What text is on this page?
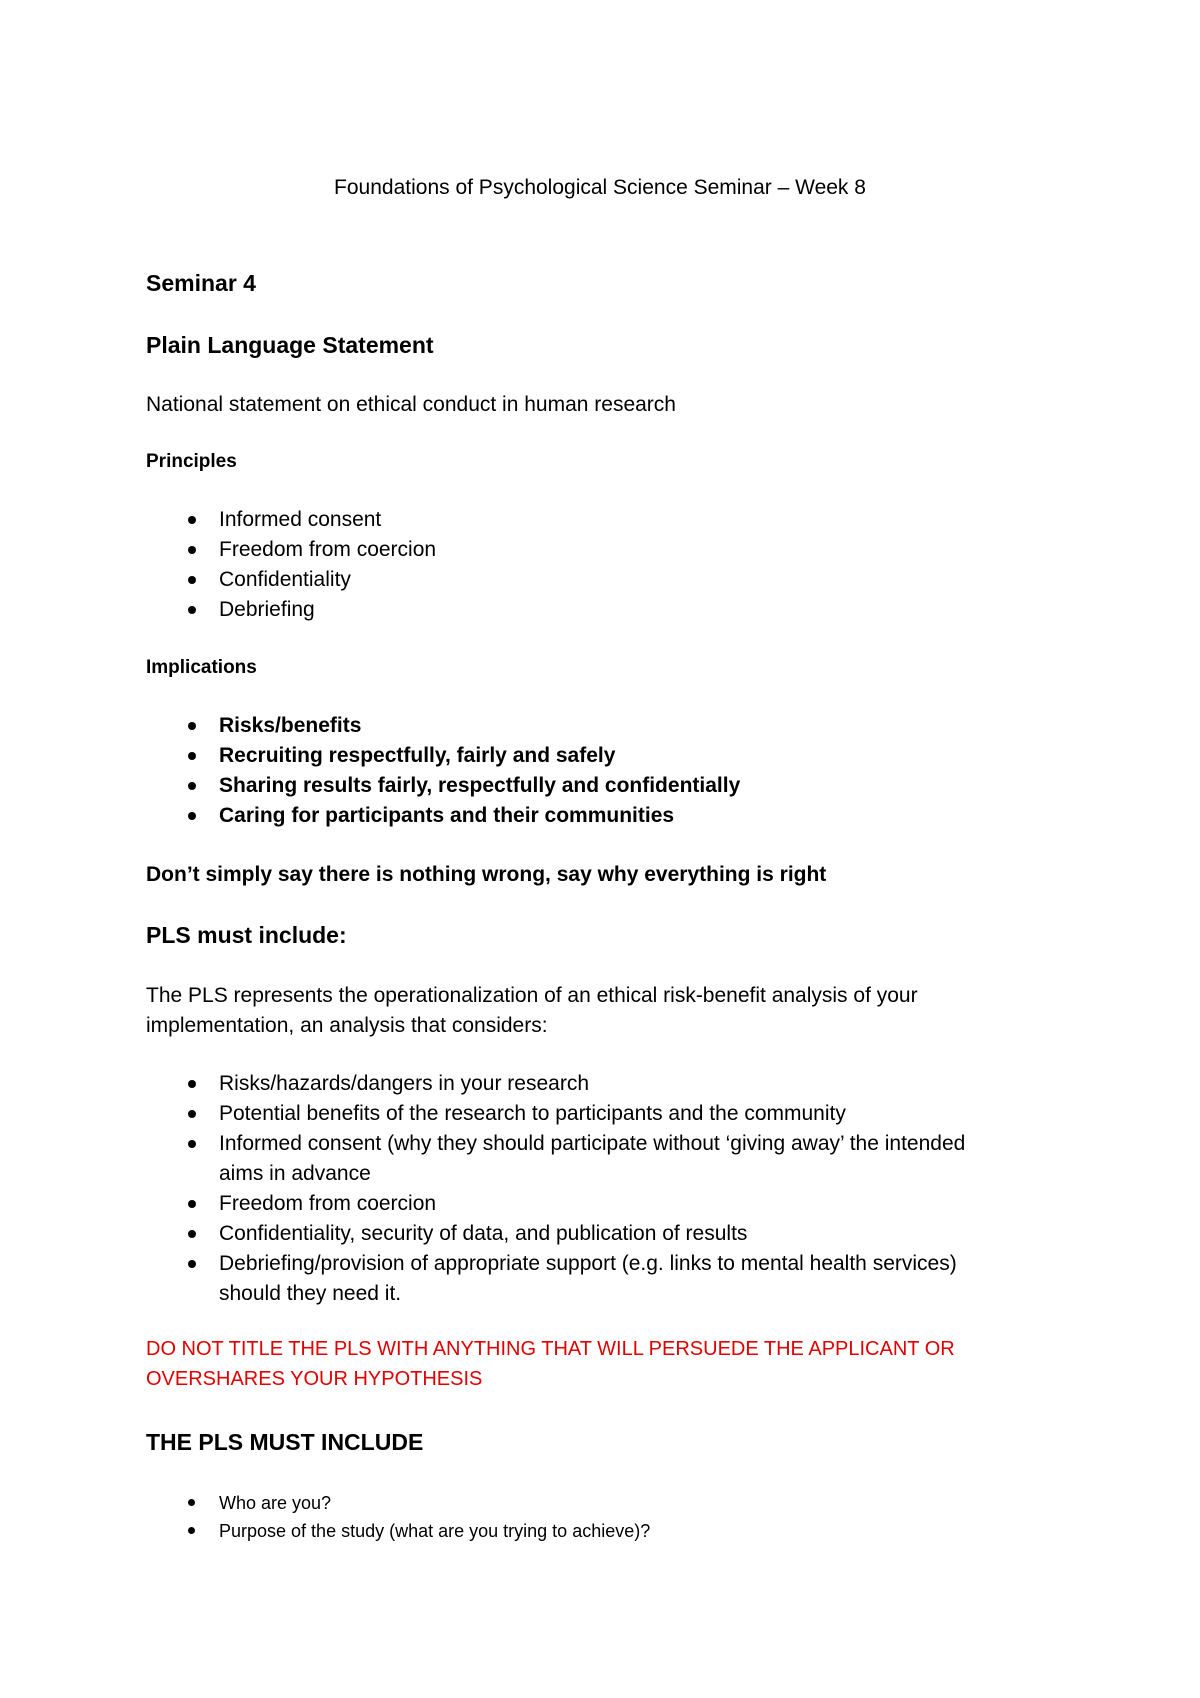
Foundations of Psychological Science Seminar – Week 8
Seminar 4
Plain Language Statement
National statement on ethical conduct in human research
Principles
Informed consent
Freedom from coercion
Confidentiality
Debriefing
Implications
Risks/benefits
Recruiting respectfully, fairly and safely
Sharing results fairly, respectfully and confidentially
Caring for participants and their communities
Don’t simply say there is nothing wrong, say why everything is right
PLS must include:
The PLS represents the operationalization of an ethical risk-benefit analysis of your
implementation, an analysis that considers:
Risks/hazards/dangers in your research
Potential benefits of the research to participants and the community
Informed consent (why they should participate without ‘giving away’ the intended
aims in advance
Freedom from coercion
Confidentiality, security of data, and publication of results
Debriefing/provision of appropriate support (e.g. links to mental health services)
should they need it.
DO NOT TITLE THE PLS WITH ANYTHING THAT WILL PERSUEDE THE APPLICANT OR
OVERSHARES YOUR HYPOTHESIS
THE PLS MUST INCLUDE
Who are you?
Purpose of the study (what are you trying to achieve)?
